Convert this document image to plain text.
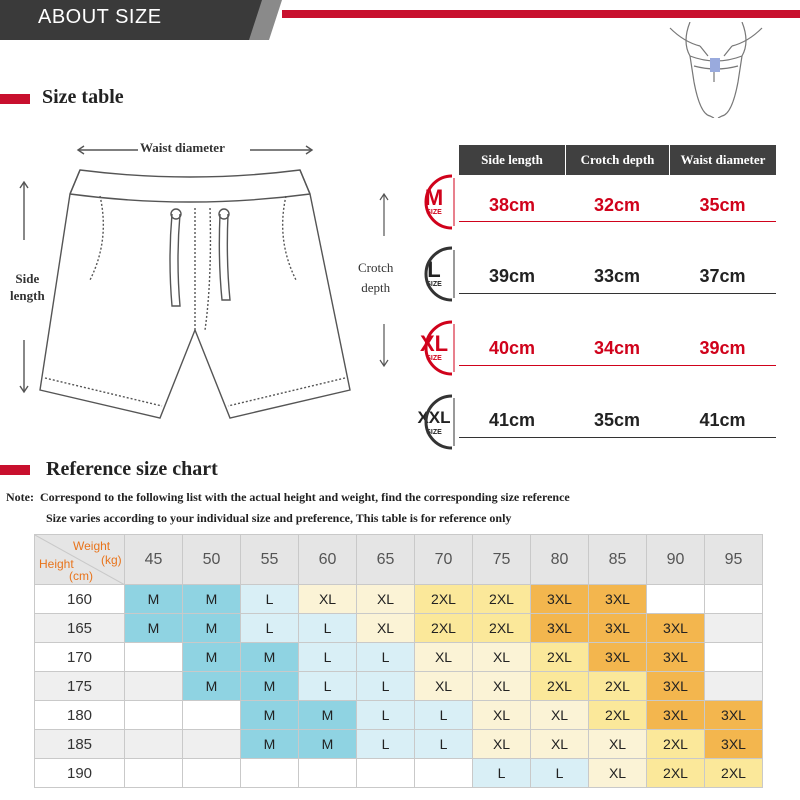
ABOUT SIZE
Size table
Waist diameter
Side
length
Crotch
depth
Side length	Crotch depth	Waist diameter
M
SIZE	38cm	32cm	35cm
L
SIZE	39cm	33cm	37cm
XL
SIZE
40cm	34cm	39cm
XXL
SIZE
41cm	35cm	41cm
Reference size chart
Note: Correspond to the following list with the actual height and weight, find the corresponding size reference
Size varies according to your individual size and preference, This table is for reference only
Weight
(kg)
Height
(cm)	45	50	55	60	65	70	75	80	85	90	95
160	M	M	L	XL	XL	2XL	2XL	3XL	3XL		
165	M	M	L	L	XL	2XL	2XL	3XL	3XL	3XL	
170		M	M	L	L	XL	XL	2XL	3XL	3XL	
175		M	M	L	L	XL	XL	2XL	2XL	3XL	
180			M	M	L	L	XL	XL	2XL	3XL	3XL
185			M	M	L	L	XL	XL	XL	2XL	3XL
190							L	L	XL	2XL	2XL
